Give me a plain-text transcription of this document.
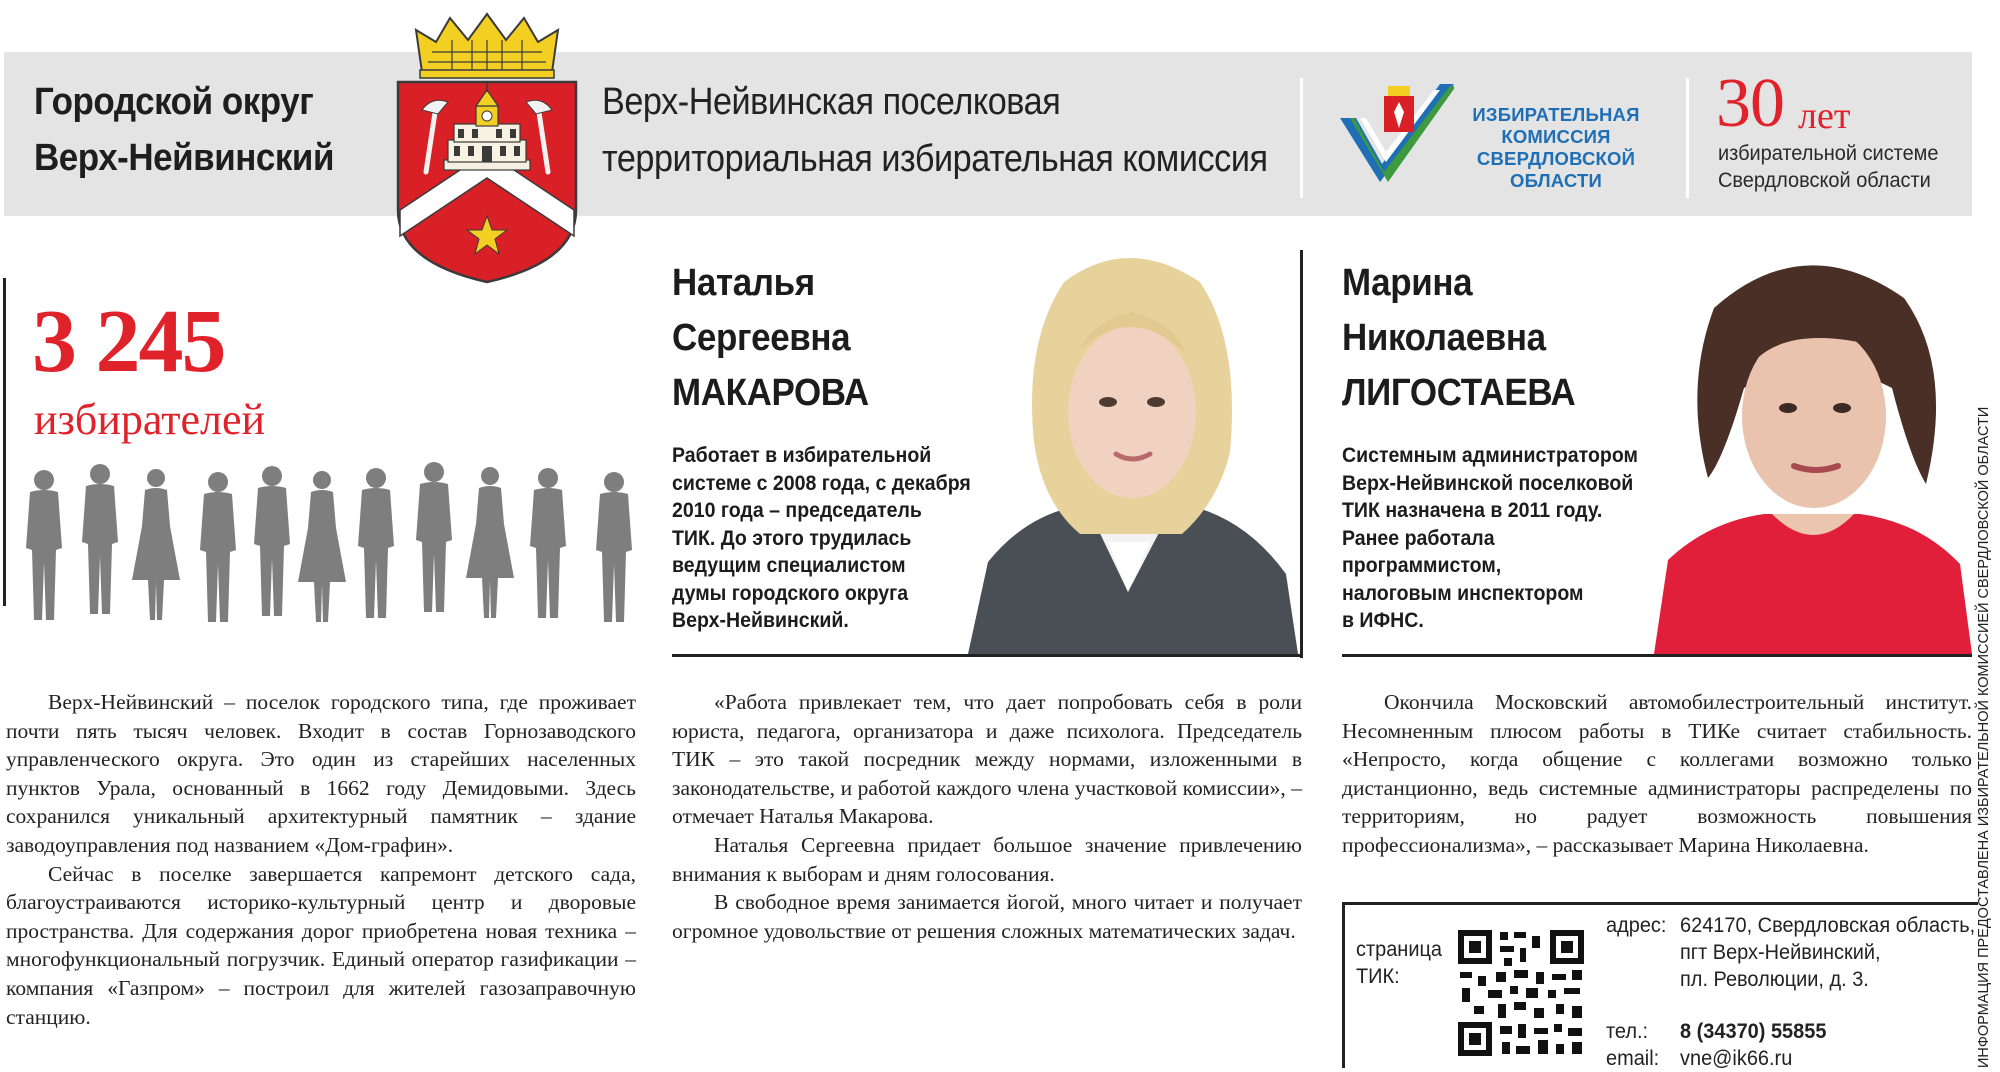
Городской округ
Верх-Нейвинский
Верх-Нейвинская поселковая
территориальная избирательная комиссия
ИЗБИРАТЕЛЬНАЯ
КОМИССИЯ
СВЕРДЛОВСКОЙ
ОБЛАСТИ
30 лет
избирательной системе
Свердловской области
3 245
избирателей
Наталья
Сергеевна
МАКАРОВА
Работает в избирательной
системе с 2008 года, с декабря
2010 года – председатель
ТИК. До этого трудилась
ведущим специалистом
думы городского округа
Верх-Нейвинский.
Марина
Николаевна
ЛИГОСТАЕВА
Системным администратором
Верх-Нейвинской поселковой
ТИК назначена в 2011 году.
Ранее работала
программистом,
налоговым инспектором
в ИФНС.

Верх-Нейвинский – поселок городского типа, где проживает почти пять тысяч человек. Входит в состав Горнозаводского управленческого округа. Это один из старейших населенных пунктов Урала, основанный в 1662 году Демидовыми. Здесь сохранился уникальный архитектурный памятник – здание заводоуправления под названием «Дом-графин».

Сейчас в поселке завершается капремонт детского сада, благоустраиваются историко-культурный центр и дворовые пространства. Для содержания дорог приобретена новая техника – многофункциональный погрузчик. Единый оператор газификации – компания «Газпром» – построил для жителей газозаправочную станцию.

«Работа привлекает тем, что дает попробовать себя в роли юриста, педагога, организатора и даже психолога. Председатель ТИК – это такой посредник между нормами, изложенными в законодательстве, и работой каждого члена участковой комиссии», – отмечает Наталья Макарова.

Наталья Сергеевна придает большое значение привлечению внимания к выборам и дням голосования.

В свободное время занимается йогой, много читает и получает огромное удовольствие от решения сложных математических задач.

Окончила Московский автомобилестроительный институт. Несомненным плюсом работы в ТИКе считает стабильность. «Непросто, когда общение с коллегами возможно только дистанционно, ведь системные администраторы распределены по территориям, но радует возможность повышения профессионализма», – рассказывает Марина Николаевна.

страница
ТИК:
адрес: 624170, Свердловская область,
пгт Верх-Нейвинский,
пл. Революции, д. 3.
тел.: 8 (34370) 55855
email: vne@ik66.ru	ИНФОРМАЦИЯ ПРЕДОСТАВЛЕНА ИЗБИРАТЕЛЬНОЙ КОМИССИЕЙ СВЕРДЛОВСКОЙ ОБЛАСТИ
